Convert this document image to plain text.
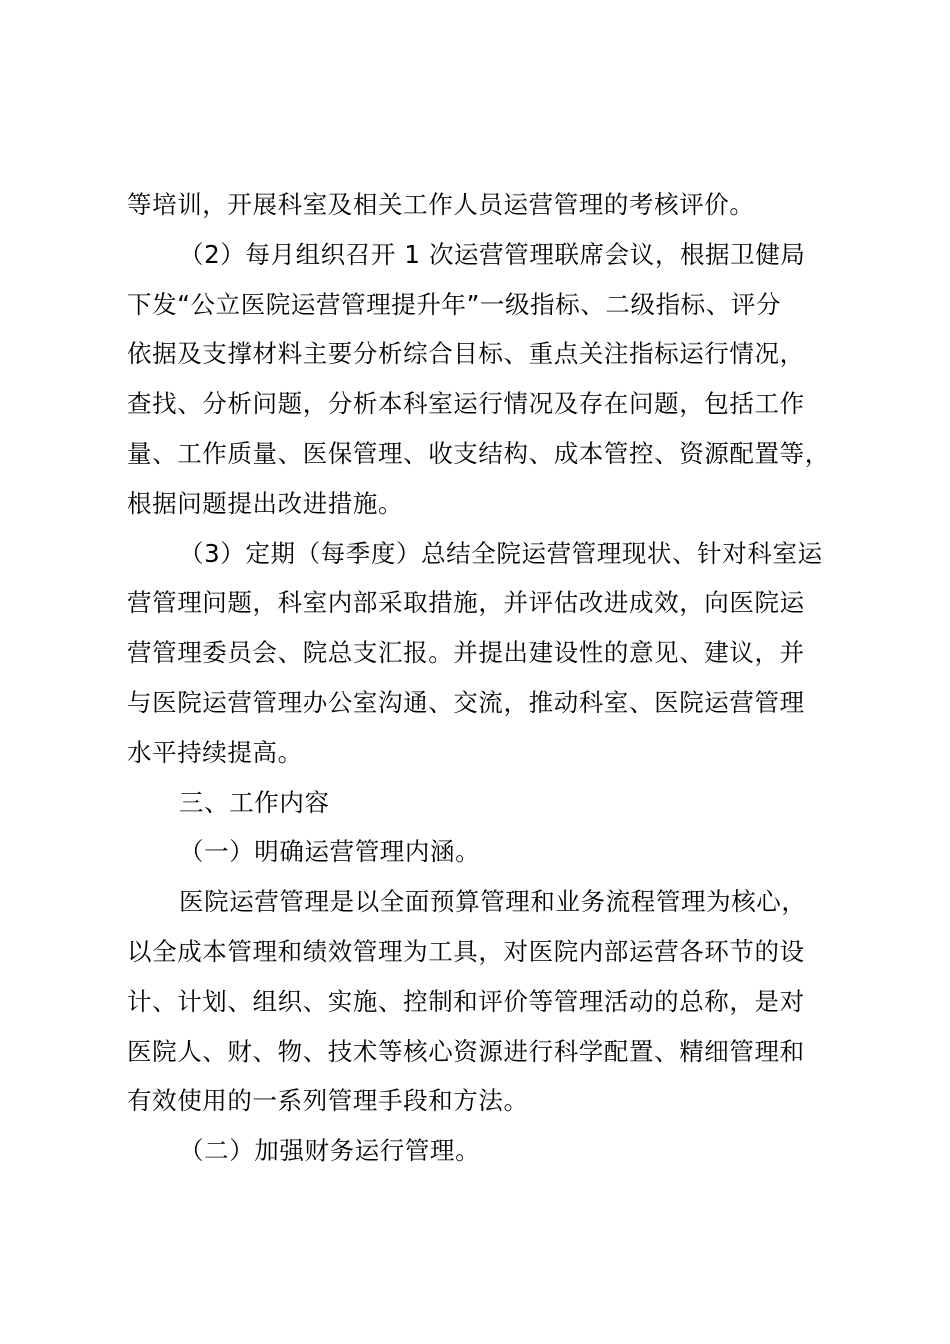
等培训，开展科室及相关工作人员运营管理的考核评价。
（2）每月组织召开 1 次运营管理联席会议，根据卫健局
下发“公立医院运营管理提升年”一级指标、二级指标、评分
依据及支撑材料主要分析综合目标、重点关注指标运行情况，
查找、分析问题，分析本科室运行情况及存在问题，包括工作
量、工作质量、医保管理、收支结构、成本管控、资源配置等，
根据问题提出改进措施。
（3）定期（每季度）总结全院运营管理现状、针对科室运
营管理问题，科室内部采取措施，并评估改进成效，向医院运
营管理委员会、院总支汇报。并提出建设性的意见、建议，并
与医院运营管理办公室沟通、交流，推动科室、医院运营管理
水平持续提高。
三、工作内容
（一）明确运营管理内涵。
医院运营管理是以全面预算管理和业务流程管理为核心，
以全成本管理和绩效管理为工具，对医院内部运营各环节的设
计、计划、组织、实施、控制和评价等管理活动的总称，是对
医院人、财、物、技术等核心资源进行科学配置、精细管理和
有效使用的一系列管理手段和方法。
（二）加强财务运行管理。
